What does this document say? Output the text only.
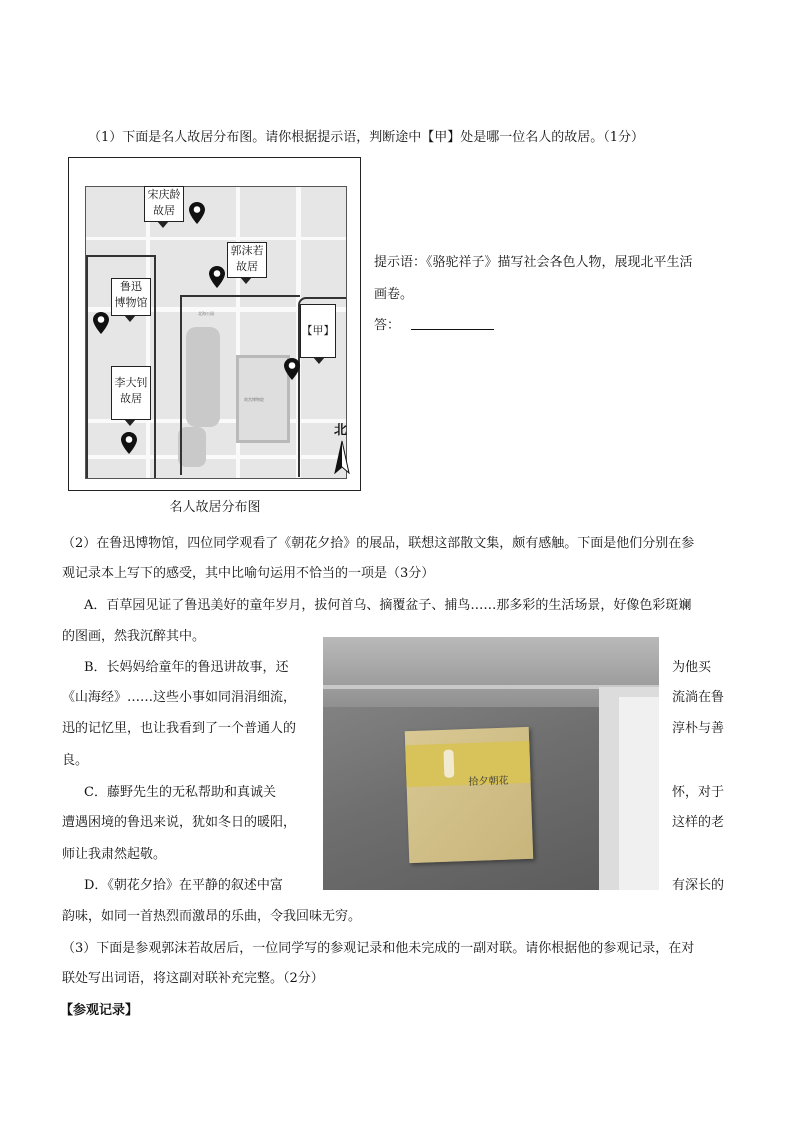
（1）下面是名人故居分布图。请你根据提示语，判断途中【甲】处是哪一位名人的故居。（1分）
北海公园
故宫博物院
宋庆龄
故居
郭沫若
故居
鲁迅
博物馆
李大钊
故居
【甲】
北
名人故居分布图
提示语：《骆驼祥子》描写社会各色人物，展现北平生活
画卷。
答：
（2）在鲁迅博物馆，四位同学观看了《朝花夕拾》的展品，联想这部散文集，颇有感触。下面是他们分别在参
观记录本上写下的感受，其中比喻句运用不恰当的一项是（3分）
A．百草园见证了鲁迅美好的童年岁月，拔何首乌、摘覆盆子、捕鸟……那多彩的生活场景，好像色彩斑斓
的图画，然我沉醉其中。
B．长妈妈给童年的鲁迅讲故事，还	为他买
《山海经》……这些小事如同涓涓细流，	流淌在鲁
迅的记忆里，也让我看到了一个普通人的	淳朴与善
良。
C．藤野先生的无私帮助和真诚关	怀，对于
遭遇困境的鲁迅来说，犹如冬日的暖阳，	这样的老
师让我肃然起敬。
D．《朝花夕拾》在平静的叙述中富	有深长的
韵味，如同一首热烈而激昂的乐曲，令我回味无穷。
拾夕朝花
（3）下面是参观郭沫若故居后，一位同学写的参观记录和他未完成的一副对联。请你根据他的参观记录，在对
联处写出词语，将这副对联补充完整。（2分）
【参观记录】
